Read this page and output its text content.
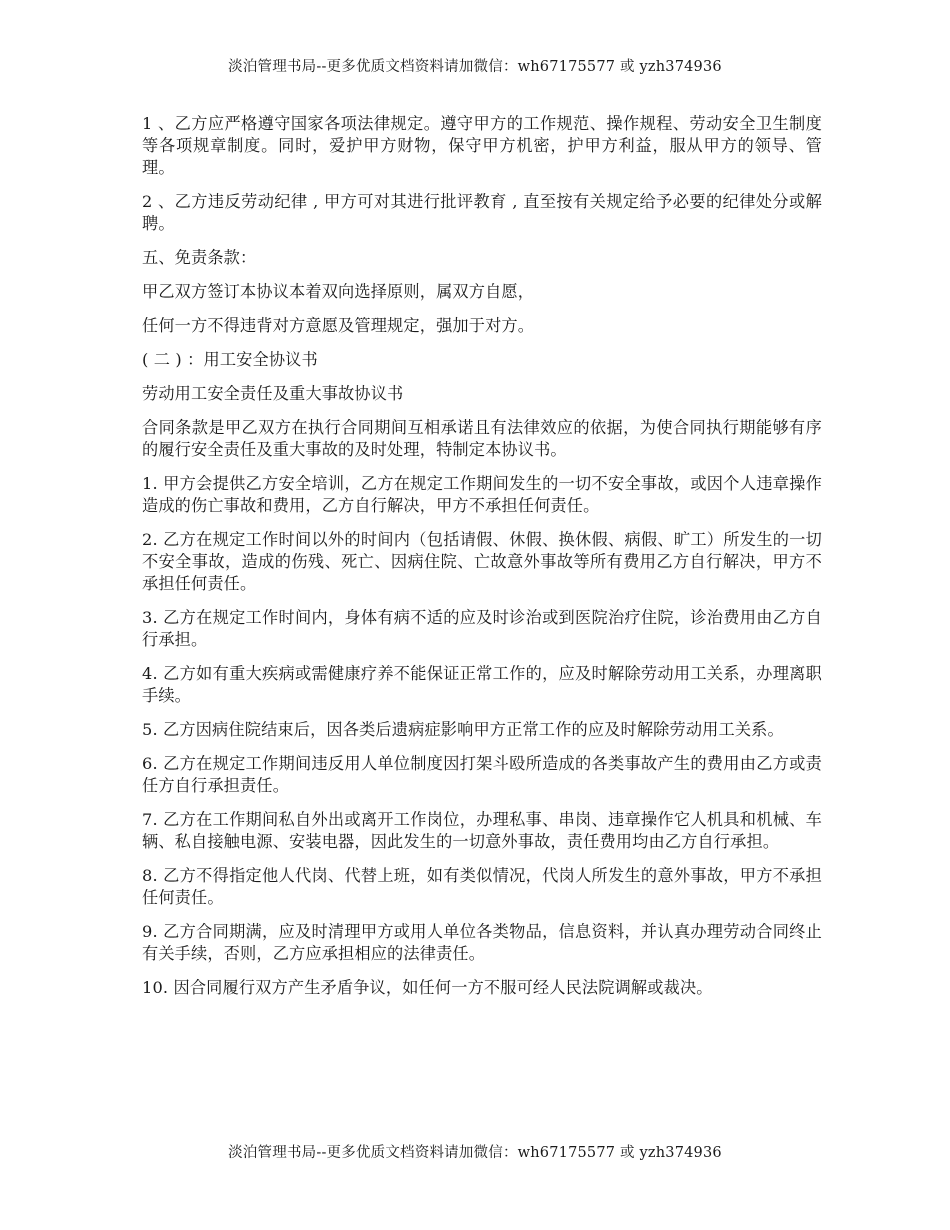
淡泊管理书局--更多优质文档资料请加微信：wh67175577 或 yzh374936

1 、乙方应严格遵守国家各项法律规定。遵守甲方的工作规范、操作规程、劳动安全卫生制度等各项规章制度。同时，爱护甲方财物，保守甲方机密，护甲方利益，服从甲方的领导、管理。

2 、乙方违反劳动纪律 , 甲方可对其进行批评教育 , 直至按有关规定给予必要的纪律处分或解聘。

五、免责条款：

甲乙双方签订本协议本着双向选择原则，属双方自愿，

任何一方不得违背对方意愿及管理规定，强加于对方。

( 二 ) ：用工安全协议书

劳动用工安全责任及重大事故协议书

合同条款是甲乙双方在执行合同期间互相承诺且有法律效应的依据，为使合同执行期能够有序的履行安全责任及重大事故的及时处理，特制定本协议书。

1. 甲方会提供乙方安全培训，乙方在规定工作期间发生的一切不安全事故，或因个人违章操作造成的伤亡事故和费用，乙方自行解决，甲方不承担任何责任。

2. 乙方在规定工作时间以外的时间内（包括请假、休假、换休假、病假、旷工）所发生的一切不安全事故，造成的伤残、死亡、因病住院、亡故意外事故等所有费用乙方自行解决，甲方不承担任何责任。

3. 乙方在规定工作时间内，身体有病不适的应及时诊治或到医院治疗住院，诊治费用由乙方自行承担。

4. 乙方如有重大疾病或需健康疗养不能保证正常工作的，应及时解除劳动用工关系，办理离职手续。

5. 乙方因病住院结束后，因各类后遗病症影响甲方正常工作的应及时解除劳动用工关系。

6. 乙方在规定工作期间违反用人单位制度因打架斗殴所造成的各类事故产生的费用由乙方或责任方自行承担责任。

7. 乙方在工作期间私自外出或离开工作岗位，办理私事、串岗、违章操作它人机具和机械、车辆、私自接触电源、安装电器，因此发生的一切意外事故，责任费用均由乙方自行承担。

8. 乙方不得指定他人代岗、代替上班，如有类似情况，代岗人所发生的意外事故，甲方不承担任何责任。

9. 乙方合同期满，应及时清理甲方或用人单位各类物品，信息资料，并认真办理劳动合同终止有关手续，否则，乙方应承担相应的法律责任。

10. 因合同履行双方产生矛盾争议，如任何一方不服可经人民法院调解或裁决。

淡泊管理书局--更多优质文档资料请加微信：wh67175577 或 yzh374936
